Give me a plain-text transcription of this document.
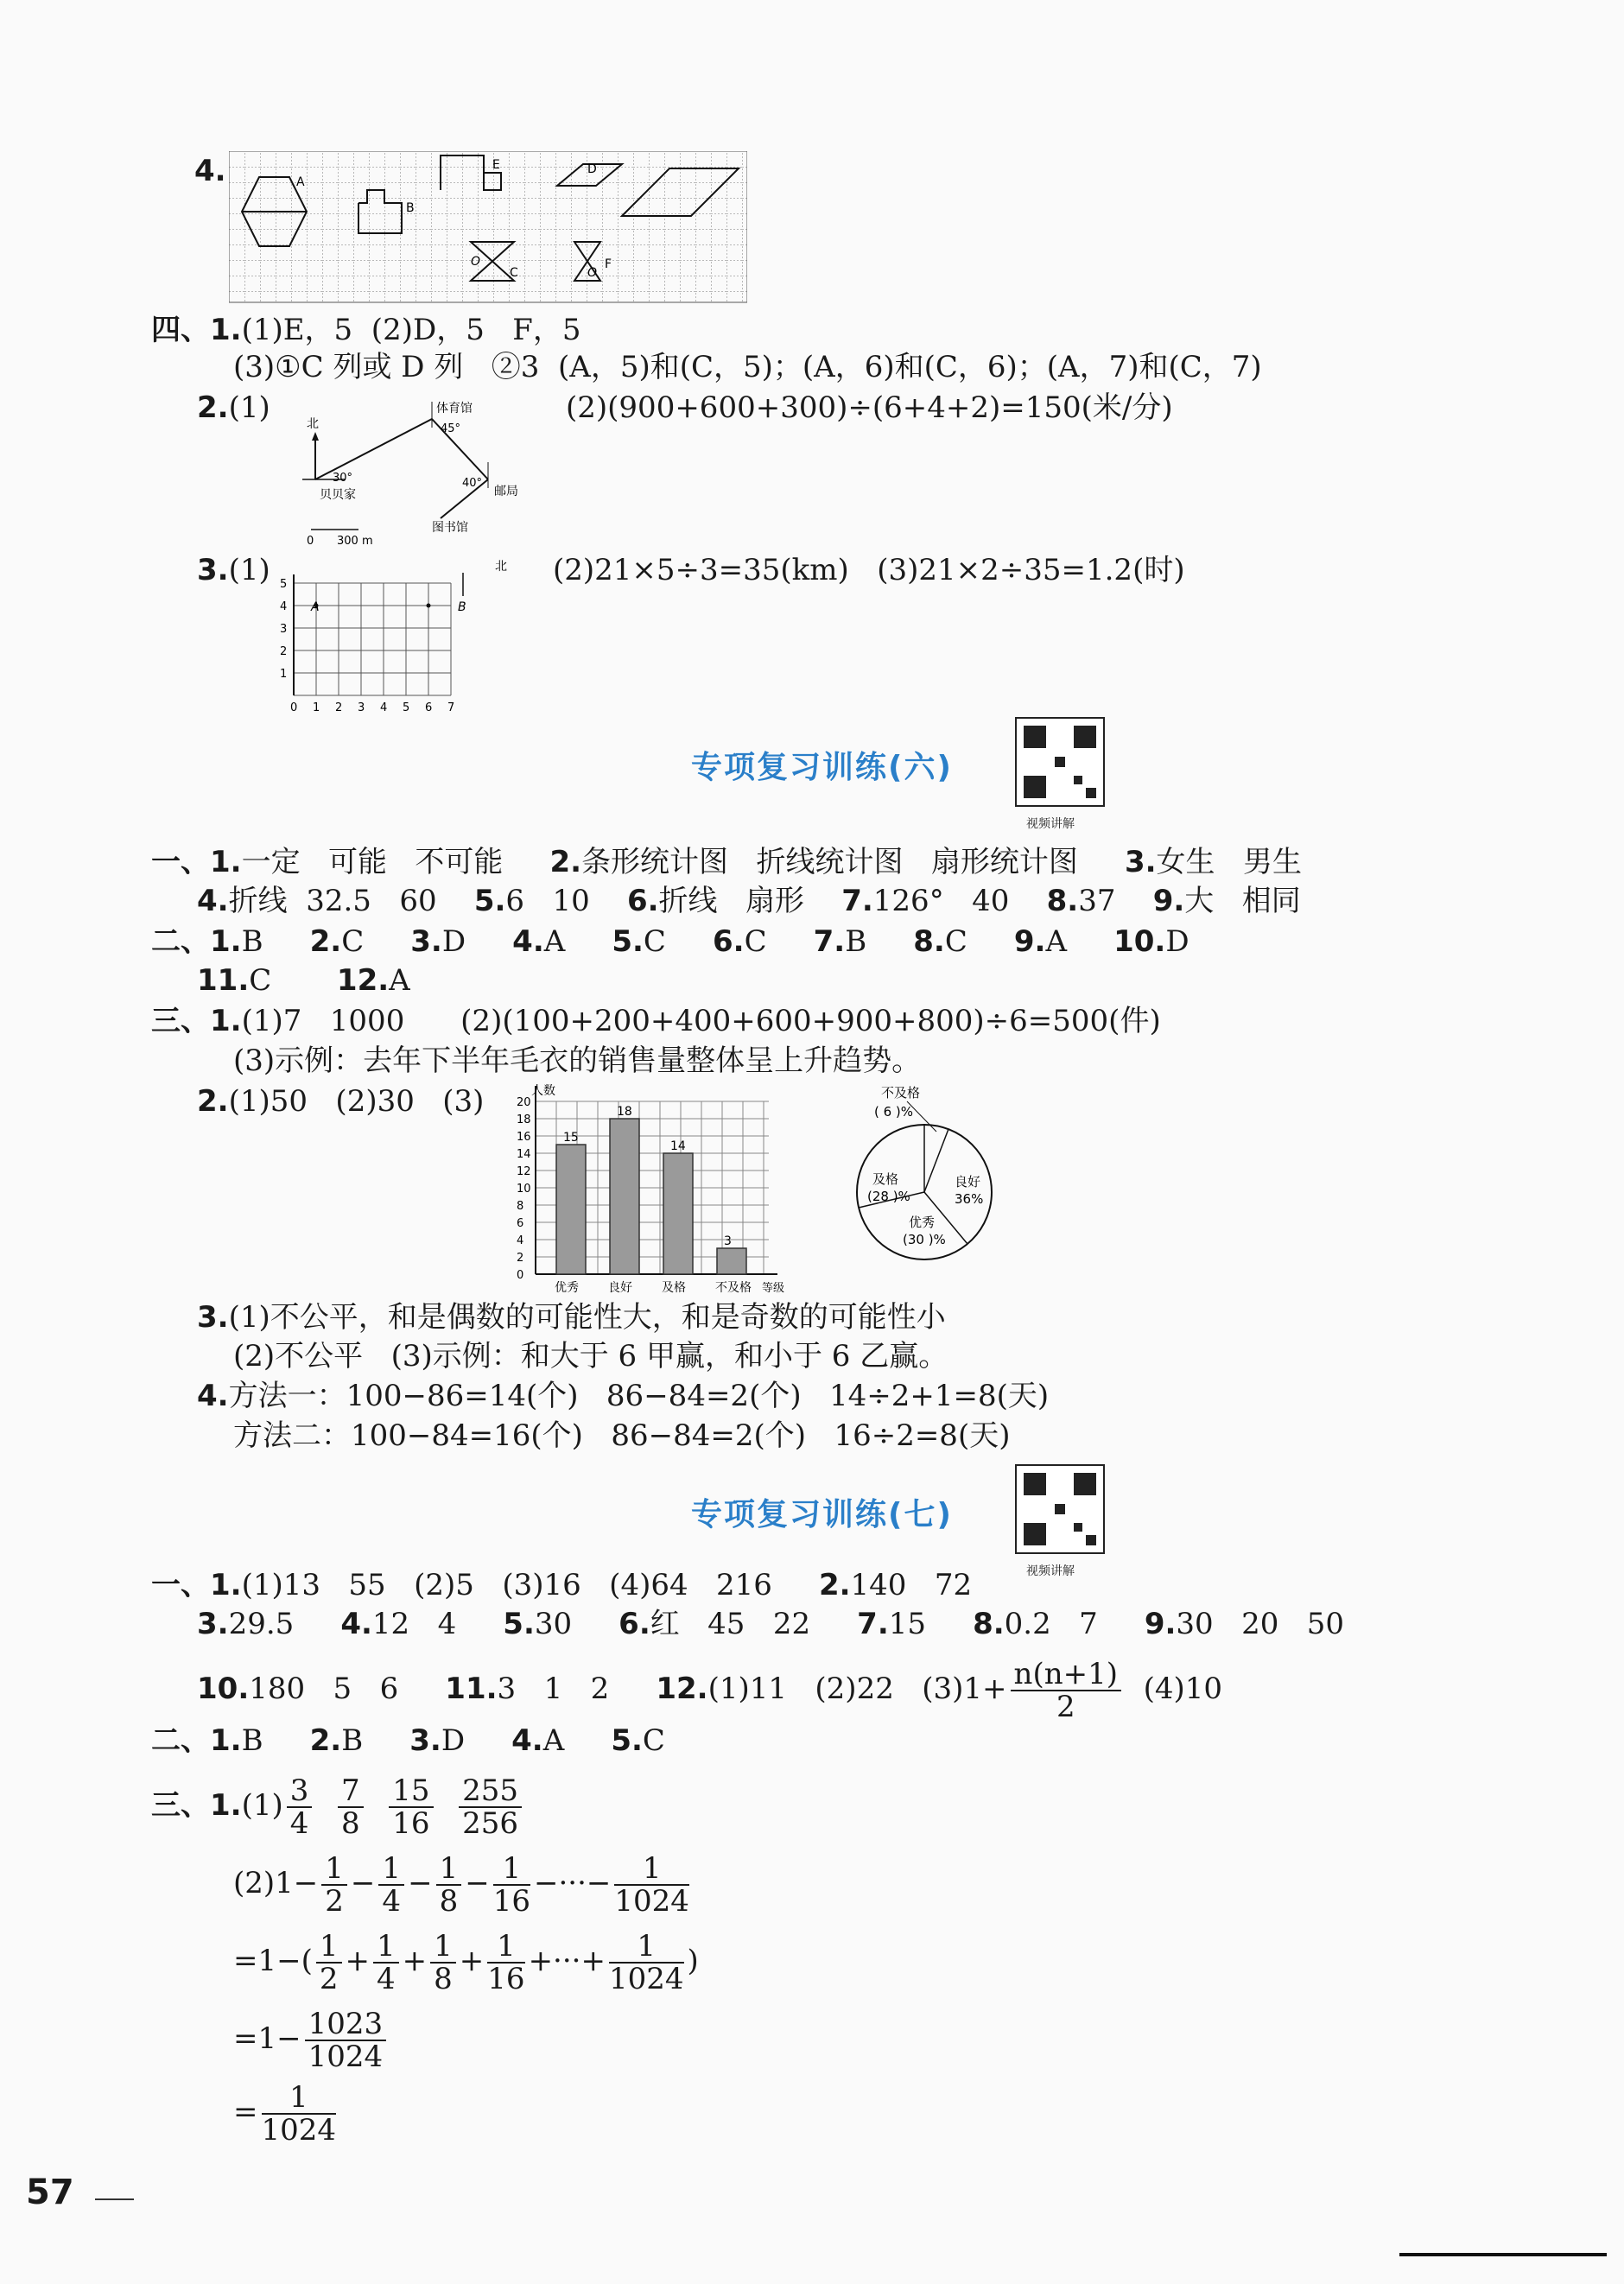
4.	A
B
E	D
C
F
O
O
四、1.(1)E，5  (2)D，5   F，5
(3)①C 列或 D 列   ②3  (A，5)和(C，5)；(A，6)和(C，6)；(A，7)和(C，7)
2.(1)	(2)(900+600+300)÷(6+4+2)=150(米/分)
北
体育馆
45°
30°
贝贝家
40°
邮局
图书馆
0 300 m
3.(1)	(2)21×5÷3=35(km)   (3)21×2÷35=1.2(时)
0 1 2 3 4 5 6 7
1
2
3
4
5
北
A	B
专项复习训练(六)
视频讲解
一、1.一定   可能   不可能 2.条形统计图   折线统计图   扇形统计图 3.女生   男生
4.折线  32.5   60 5.6   10 6.折线   扇形 7.126°   40 8.37 9.大   相同
二、1.B 2.C 3.D 4.A 5.C 6.C 7.B 8.C 9.A 10.D
11.C 12.A
三、1.(1)7   1000      (2)(100+200+400+600+900+800)÷6=500(件)
(3)示例：去年下半年毛衣的销售量整体呈上升趋势。
2.(1)50   (2)30   (3)
0
2
4
6
8
10
12
14
16
18
20
人数
等级
15
优秀
18
良好
14
及格
3
不及格
不及格
( 6 )%
及格
(28 )%
良好
36%
优秀
(30 )%
3.(1)不公平，和是偶数的可能性大，和是奇数的可能性小
(2)不公平   (3)示例：和大于 6 甲赢，和小于 6 乙赢。
4.方法一：100−86=14(个)   86−84=2(个)   14÷2+1=8(天)
方法二：100−84=16(个)   86−84=2(个)   16÷2=8(天)
专项复习训练(七)
视频讲解
一、1.(1)13   55   (2)5   (3)16   (4)64   216 2.140   72
3.29.5 4.12   4 5.30 6.红   45   22 7.15 8.0.2   7 9.30   20   50
10.180   5   6 11.3   1   2 12.(1)11   (2)22   $(3)1+ \frac{n(n+1)}{2} (4)10$
二、1.B 2.B 3.D 4.A 5.C
三、$1.(1) \frac{3}{4}$
$\frac{7}{8}$
$\frac{15}{16}$
$\frac{255}{256}$
$(2)1- \frac{1}{2} - \frac{1}{4} - \frac{1}{8} - \frac{1}{16}$ −···− $\frac{1}{1024}$
$=1-( \frac{1}{2} + \frac{1}{4} + \frac{1}{8} + \frac{1}{16}$ +···+ $\frac{1}{1024}$ )
$=1- \frac{1023}{1024}$
= $\frac{1}{1024}$
57
